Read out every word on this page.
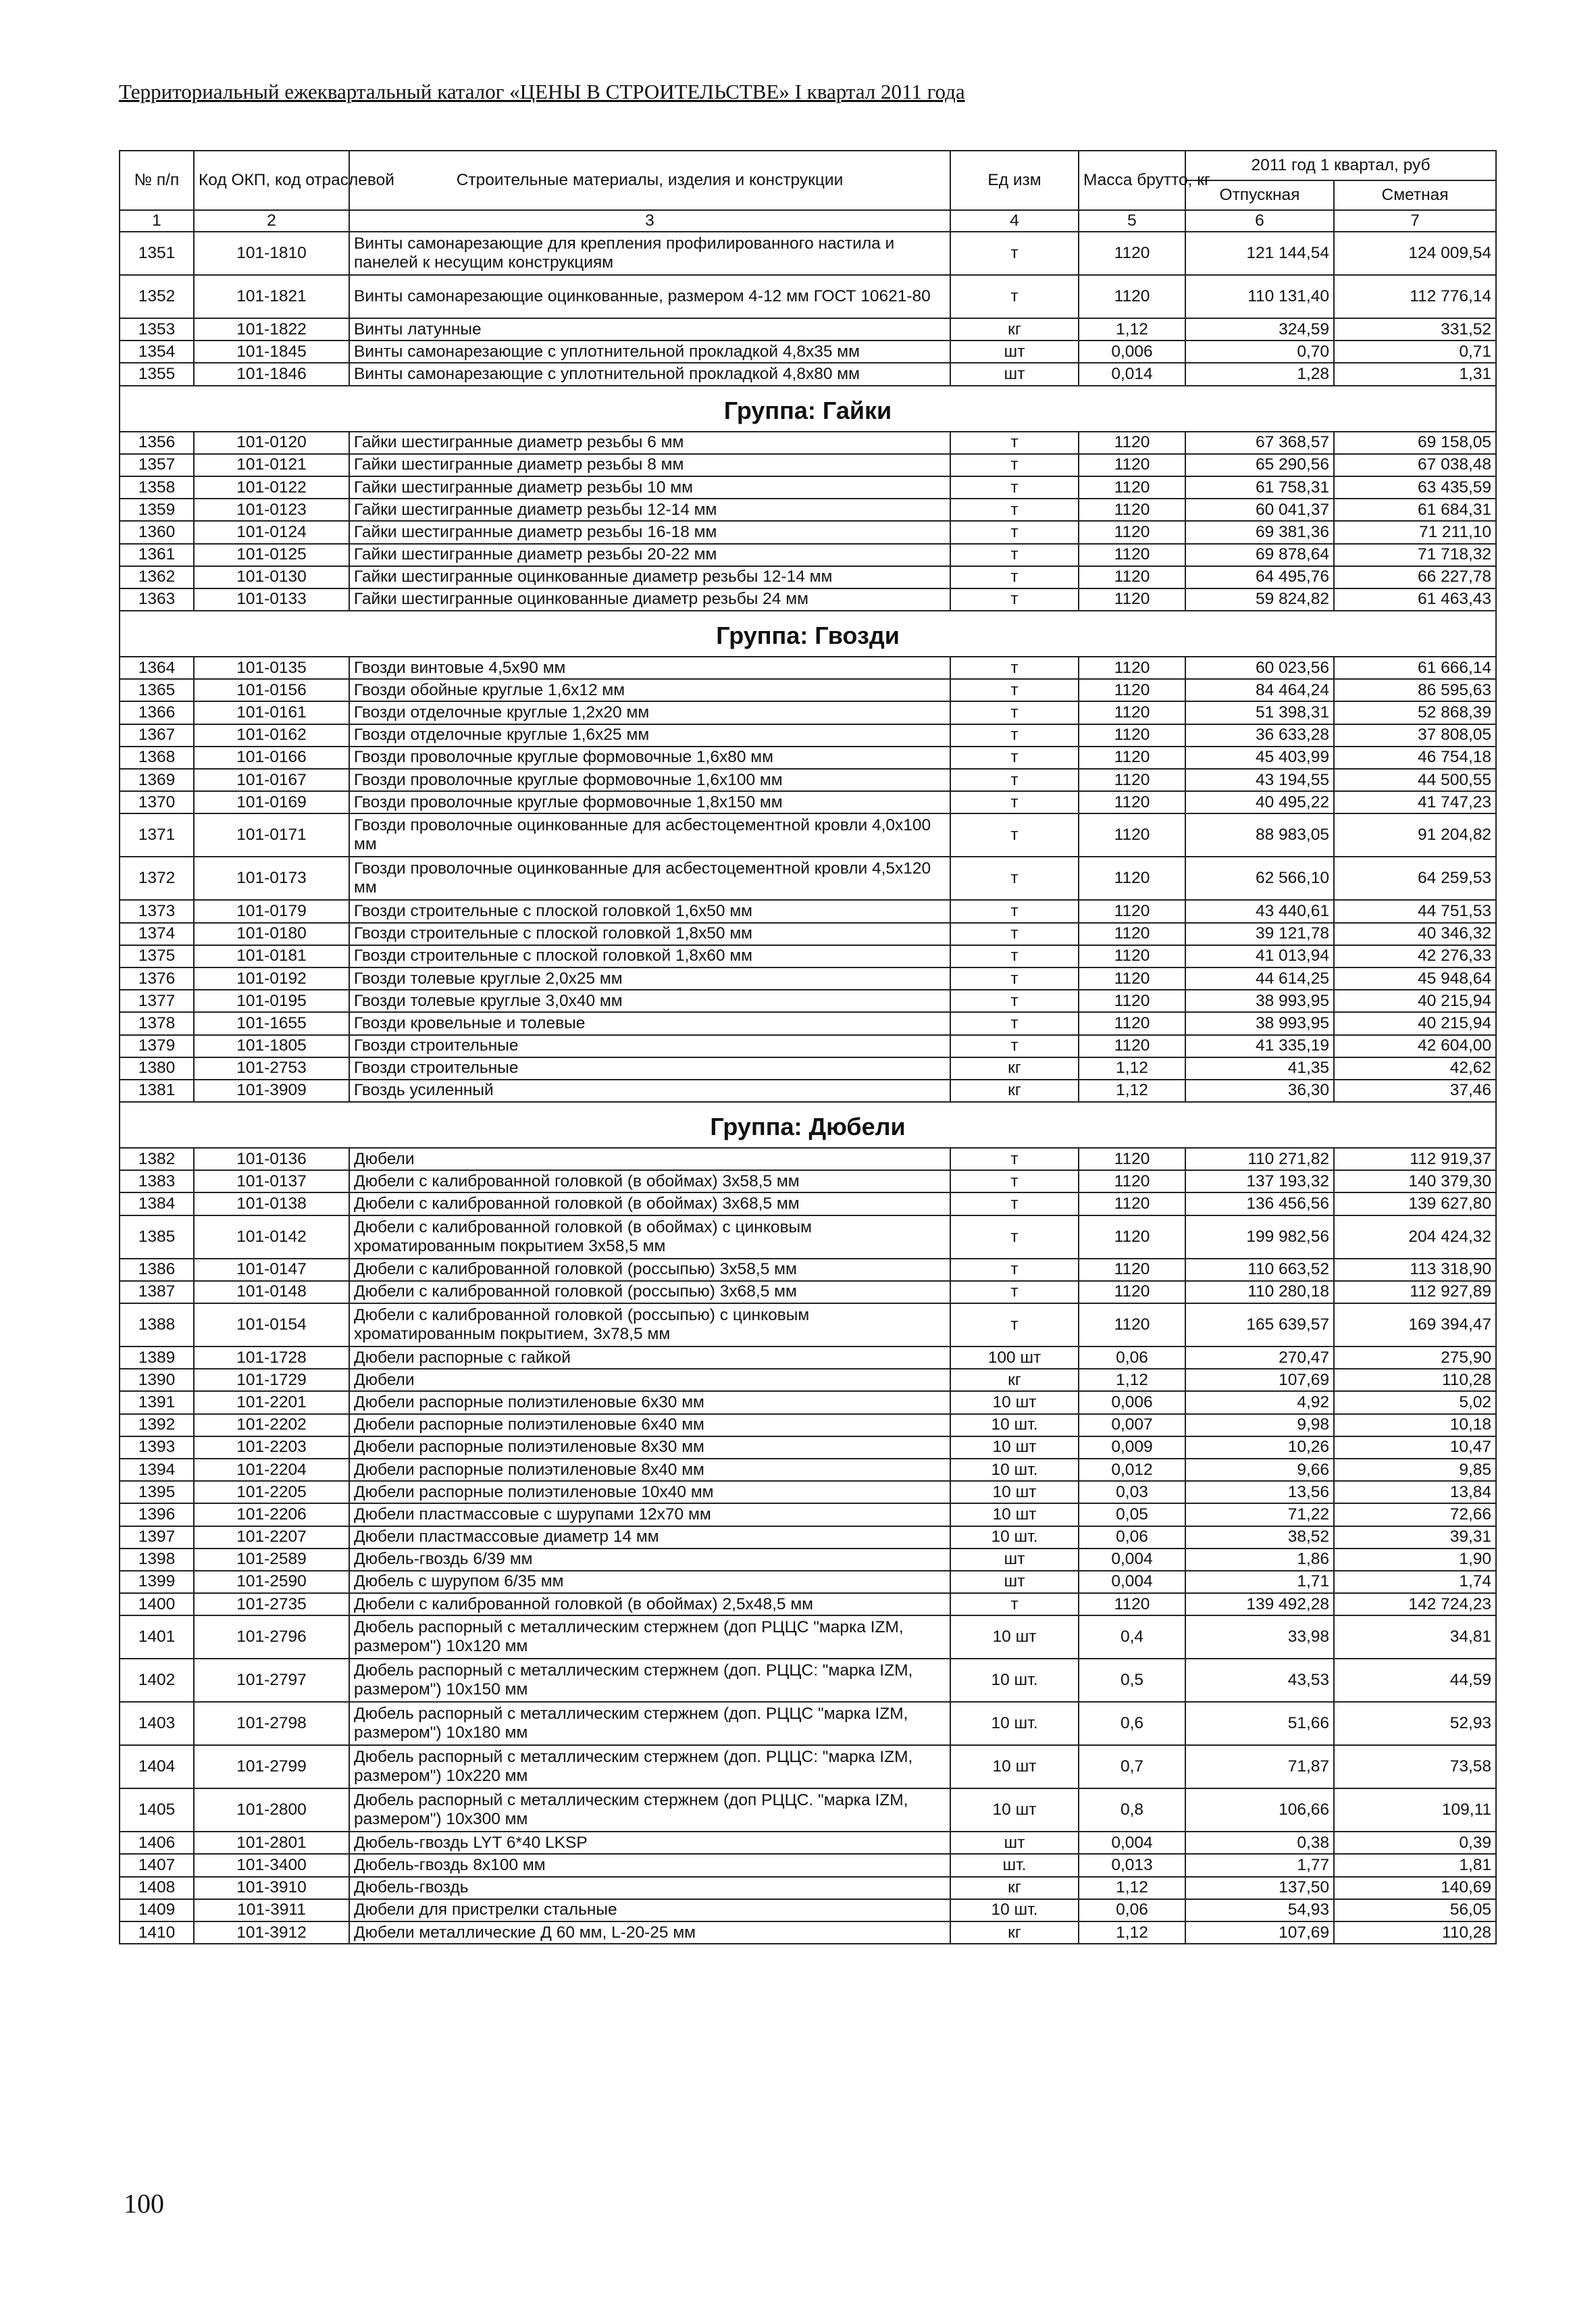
Территориальный ежеквартальный каталог «ЦЕНЫ В СТРОИТЕЛЬСТВЕ» I квартал 2011 года
№ п/п	Код ОКП, код отраслевой	Строительные материалы, изделия и конструкции	Ед изм	Масса брутто, кг	2011 год 1 квартал, руб	
					Отпускная	Сметная
1	2	3	4	5	6	7
1351	101-1810	Винты самонарезающие для крепления профилированного настила и панелей к несущим конструкциям	т	1120	121 144,54	124 009,54
1352	101-1821	Винты самонарезающие оцинкованные, размером 4-12 мм ГОСТ 10621-80	т	1120	110 131,40	112 776,14
1353	101-1822	Винты латунные	кг	1,12	324,59	331,52
1354	101-1845	Винты самонарезающие с уплотнительной прокладкой 4,8х35 мм	шт	0,006	0,70	0,71
1355	101-1846	Винты самонарезающие с уплотнительной прокладкой 4,8х80 мм	шт	0,014	1,28	1,31
Группа: Гайки						
1356	101-0120	Гайки шестигранные диаметр резьбы 6 мм	т	1120	67 368,57	69 158,05
1357	101-0121	Гайки шестигранные диаметр резьбы 8 мм	т	1120	65 290,56	67 038,48
1358	101-0122	Гайки шестигранные диаметр резьбы 10 мм	т	1120	61 758,31	63 435,59
1359	101-0123	Гайки шестигранные диаметр резьбы 12-14 мм	т	1120	60 041,37	61 684,31
1360	101-0124	Гайки шестигранные диаметр резьбы 16-18 мм	т	1120	69 381,36	71 211,10
1361	101-0125	Гайки шестигранные диаметр резьбы 20-22 мм	т	1120	69 878,64	71 718,32
1362	101-0130	Гайки шестигранные оцинкованные диаметр резьбы 12-14 мм	т	1120	64 495,76	66 227,78
1363	101-0133	Гайки шестигранные оцинкованные диаметр резьбы 24 мм	т	1120	59 824,82	61 463,43
Группа: Гвозди						
1364	101-0135	Гвозди винтовые 4,5х90 мм	т	1120	60 023,56	61 666,14
1365	101-0156	Гвозди обойные круглые 1,6х12 мм	т	1120	84 464,24	86 595,63
1366	101-0161	Гвозди отделочные круглые 1,2х20 мм	т	1120	51 398,31	52 868,39
1367	101-0162	Гвозди отделочные круглые 1,6х25 мм	т	1120	36 633,28	37 808,05
1368	101-0166	Гвозди проволочные круглые формовочные 1,6х80 мм	т	1120	45 403,99	46 754,18
1369	101-0167	Гвозди проволочные круглые формовочные 1,6х100 мм	т	1120	43 194,55	44 500,55
1370	101-0169	Гвозди проволочные круглые формовочные 1,8х150 мм	т	1120	40 495,22	41 747,23
1371	101-0171	Гвозди проволочные оцинкованные для асбестоцементной кровли 4,0х100 мм	т	1120	88 983,05	91 204,82
1372	101-0173	Гвозди проволочные оцинкованные для асбестоцементной кровли 4,5х120 мм	т	1120	62 566,10	64 259,53
1373	101-0179	Гвозди строительные с плоской головкой 1,6х50 мм	т	1120	43 440,61	44 751,53
1374	101-0180	Гвозди строительные с плоской головкой 1,8х50 мм	т	1120	39 121,78	40 346,32
1375	101-0181	Гвозди строительные с плоской головкой 1,8х60 мм	т	1120	41 013,94	42 276,33
1376	101-0192	Гвозди толевые круглые 2,0х25 мм	т	1120	44 614,25	45 948,64
1377	101-0195	Гвозди толевые круглые 3,0х40 мм	т	1120	38 993,95	40 215,94
1378	101-1655	Гвозди кровельные и толевые	т	1120	38 993,95	40 215,94
1379	101-1805	Гвозди строительные	т	1120	41 335,19	42 604,00
1380	101-2753	Гвозди строительные	кг	1,12	41,35	42,62
1381	101-3909	Гвоздь усиленный	кг	1,12	36,30	37,46
Группа: Дюбели						
1382	101-0136	Дюбели	т	1120	110 271,82	112 919,37
1383	101-0137	Дюбели с калиброванной головкой (в обоймах) 3х58,5 мм	т	1120	137 193,32	140 379,30
1384	101-0138	Дюбели с калиброванной головкой (в обоймах) 3х68,5 мм	т	1120	136 456,56	139 627,80
1385	101-0142	Дюбели с калиброванной головкой (в обоймах) с цинковым хроматированным покрытием 3х58,5 мм	т	1120	199 982,56	204 424,32
1386	101-0147	Дюбели с калиброванной головкой (россыпью) 3х58,5 мм	т	1120	110 663,52	113 318,90
1387	101-0148	Дюбели с калиброванной головкой (россыпью) 3х68,5 мм	т	1120	110 280,18	112 927,89
1388	101-0154	Дюбели с калиброванной головкой (россыпью) с цинковым хроматированным покрытием, 3х78,5 мм	т	1120	165 639,57	169 394,47
1389	101-1728	Дюбели распорные с гайкой	100 шт	0,06	270,47	275,90
1390	101-1729	Дюбели	кг	1,12	107,69	110,28
1391	101-2201	Дюбели распорные полиэтиленовые 6х30 мм	10 шт	0,006	4,92	5,02
1392	101-2202	Дюбели распорные полиэтиленовые 6х40 мм	10 шт.	0,007	9,98	10,18
1393	101-2203	Дюбели распорные полиэтиленовые 8х30 мм	10 шт	0,009	10,26	10,47
1394	101-2204	Дюбели распорные полиэтиленовые 8х40 мм	10 шт.	0,012	9,66	9,85
1395	101-2205	Дюбели распорные полиэтиленовые 10х40 мм	10 шт	0,03	13,56	13,84
1396	101-2206	Дюбели пластмассовые с шурупами 12х70 мм	10 шт	0,05	71,22	72,66
1397	101-2207	Дюбели пластмассовые диаметр 14 мм	10 шт.	0,06	38,52	39,31
1398	101-2589	Дюбель-гвоздь 6/39 мм	шт	0,004	1,86	1,90
1399	101-2590	Дюбель с шурупом 6/35 мм	шт	0,004	1,71	1,74
1400	101-2735	Дюбели с калиброванной головкой (в обоймах) 2,5х48,5 мм	т	1120	139 492,28	142 724,23
1401	101-2796	Дюбель распорный с металлическим стержнем (доп РЦЦС "марка IZM, размером") 10х120 мм	10 шт	0,4	33,98	34,81
1402	101-2797	Дюбель распорный с металлическим стержнем (доп. РЦЦС: "марка IZM, размером") 10х150 мм	10 шт.	0,5	43,53	44,59
1403	101-2798	Дюбель распорный с металлическим стержнем (доп. РЦЦС "марка IZM, размером") 10х180 мм	10 шт.	0,6	51,66	52,93
1404	101-2799	Дюбель распорный с металлическим стержнем (доп. РЦЦС: "марка IZM, размером") 10х220 мм	10 шт	0,7	71,87	73,58
1405	101-2800	Дюбель распорный с металлическим стержнем (доп РЦЦС. "марка IZM, размером") 10х300 мм	10 шт	0,8	106,66	109,11
1406	101-2801	Дюбель-гвоздь LYT 6*40 LKSP	шт	0,004	0,38	0,39
1407	101-3400	Дюбель-гвоздь 8х100 мм	шт.	0,013	1,77	1,81
1408	101-3910	Дюбель-гвоздь	кг	1,12	137,50	140,69
1409	101-3911	Дюбели для пристрелки стальные	10 шт.	0,06	54,93	56,05
1410	101-3912	Дюбели металлические Д 60 мм, L-20-25 мм	кг	1,12	107,69	110,28
100
